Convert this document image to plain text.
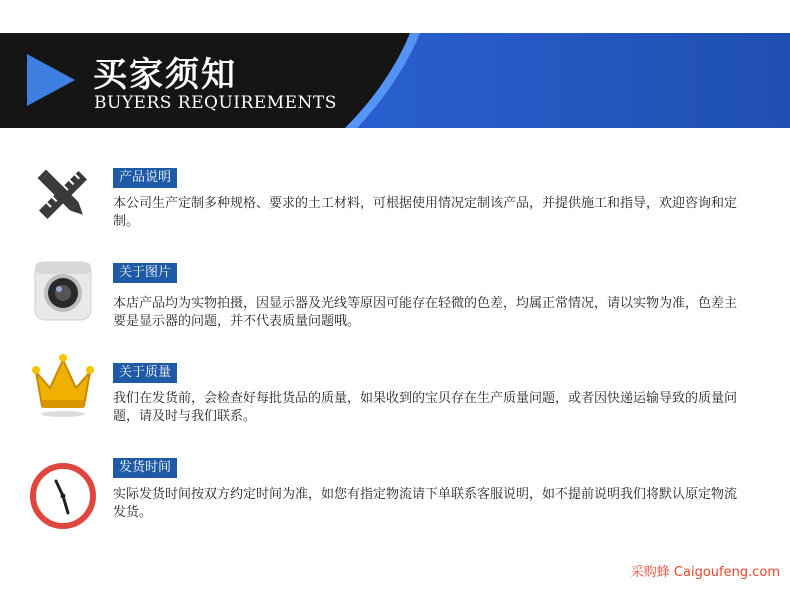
买家须知
BUYERS REQUIREMENTS
产品说明
本公司生产定制多种规格、要求的土工材料，可根据使用情况定制该产品，并提供施工和指导，欢迎咨询和定制。
关于图片
本店产品均为实物拍摄，因显示器及光线等原因可能存在轻微的色差，均属正常情况，请以实物为准，色差主要是显示器的问题，并不代表质量问题哦。
关于质量
我们在发货前，会检查好每批货品的质量，如果收到的宝贝存在生产质量问题，或者因快递运输导致的质量问题，请及时与我们联系。
发货时间
实际发货时间按双方约定时间为准，如您有指定物流请下单联系客服说明，如不提前说明我们将默认原定物流发货。
采购蜂 Caigoufeng.com
